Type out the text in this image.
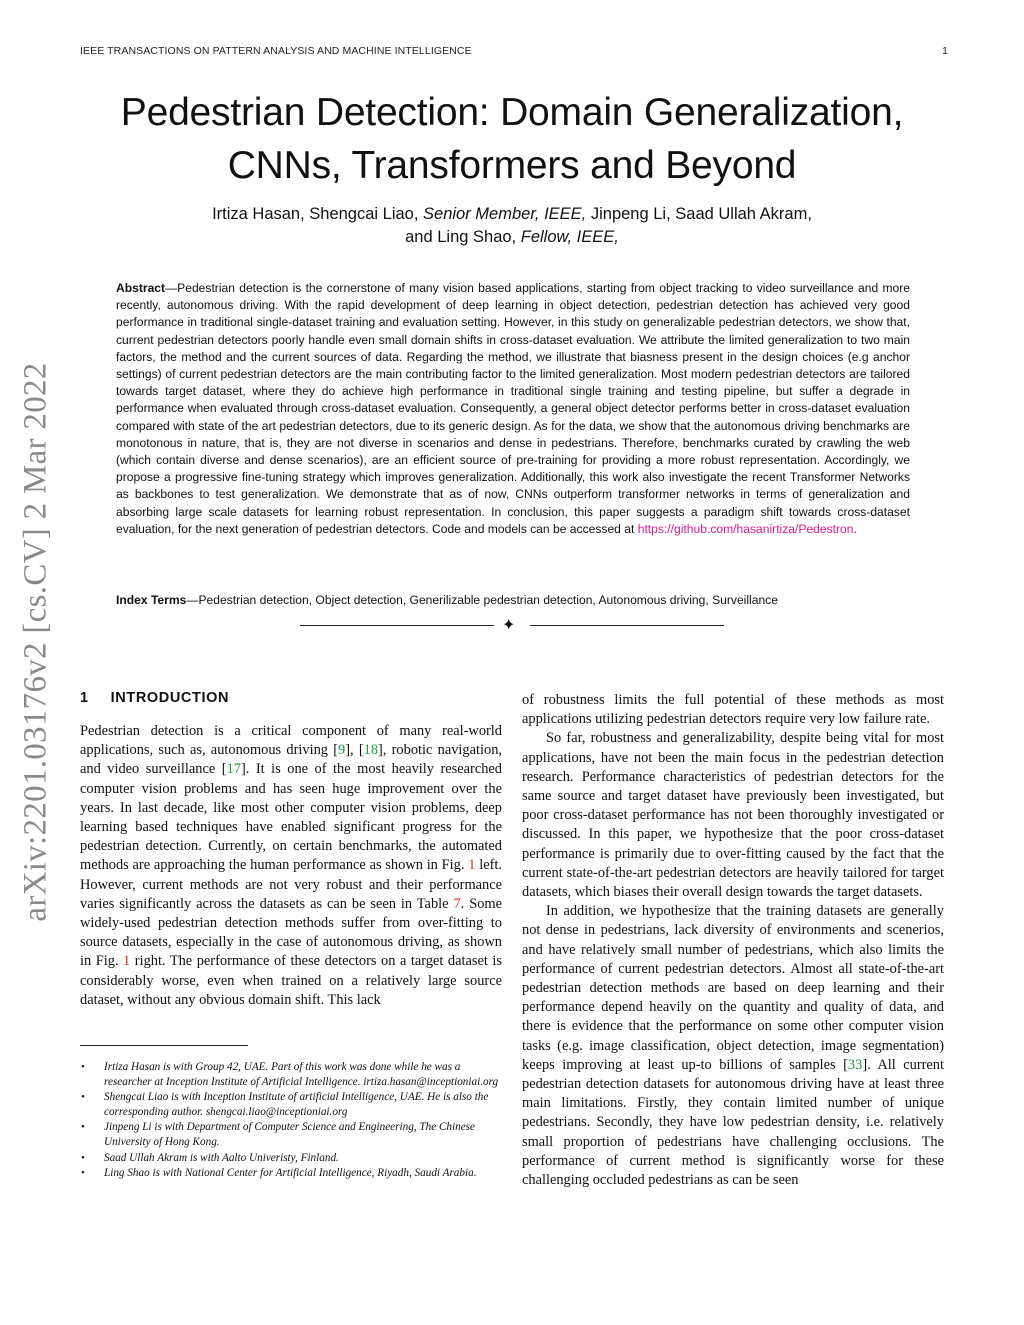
IEEE TRANSACTIONS ON PATTERN ANALYSIS AND MACHINE INTELLIGENCE	1
Pedestrian Detection: Domain Generalization,
CNNs, Transformers and Beyond
Irtiza Hasan, Shengcai Liao, Senior Member, IEEE, Jinpeng Li, Saad Ullah Akram,
and Ling Shao, Fellow, IEEE,
Abstract—Pedestrian detection is the cornerstone of many vision based applications, starting from object tracking to video surveillance and more recently, autonomous driving. With the rapid development of deep learning in object detection, pedestrian detection has achieved very good performance in traditional single-dataset training and evaluation setting. However, in this study on generalizable pedestrian detectors, we show that, current pedestrian detectors poorly handle even small domain shifts in cross-dataset evaluation. We attribute the limited generalization to two main factors, the method and the current sources of data. Regarding the method, we illustrate that biasness present in the design choices (e.g anchor settings) of current pedestrian detectors are the main contributing factor to the limited generalization. Most modern pedestrian detectors are tailored towards target dataset, where they do achieve high performance in traditional single training and testing pipeline, but suffer a degrade in performance when evaluated through cross-dataset evaluation. Consequently, a general object detector performs better in cross-dataset evaluation compared with state of the art pedestrian detectors, due to its generic design. As for the data, we show that the autonomous driving benchmarks are monotonous in nature, that is, they are not diverse in scenarios and dense in pedestrians. Therefore, benchmarks curated by crawling the web (which contain diverse and dense scenarios), are an efficient source of pre-training for providing a more robust representation. Accordingly, we propose a progressive fine-tuning strategy which improves generalization. Additionally, this work also investigate the recent Transformer Networks as backbones to test generalization. We demonstrate that as of now, CNNs outperform transformer networks in terms of generalization and absorbing large scale datasets for learning robust representation. In conclusion, this paper suggests a paradigm shift towards cross-dataset evaluation, for the next generation of pedestrian detectors. Code and models can be accessed at https://github.com/hasanirtiza/Pedestron.
Index Terms—Pedestrian detection, Object detection, Generilizable pedestrian detection, Autonomous driving, Surveillance
✦
arXiv:2201.03176v2 [cs.CV] 2 Mar 2022 1 INTRODUCTION

Pedestrian detection is a critical component of many real-world applications, such as, autonomous driving [9], [18], robotic navigation, and video surveillance [17]. It is one of the most heavily researched computer vision problems and has seen huge improvement over the years. In last decade, like most other computer vision problems, deep learning based techniques have enabled significant progress for the pedestrian detection. Currently, on certain benchmarks, the automated methods are approaching the human performance as shown in Fig. 1 left. However, current methods are not very robust and their performance varies significantly across the datasets as can be seen in Table 7. Some widely-used pedestrian detection methods suffer from over-fitting to source datasets, especially in the case of autonomous driving, as shown in Fig. 1 right. The performance of these detectors on a target dataset is considerably worse, even when trained on a relatively large source dataset, without any obvious domain shift. This lack

• Irtiza Hasan is with Group 42, UAE. Part of this work was done while he was a researcher at Inception Institute of Artificial Intelligence. irtiza.hasan@inceptioniai.org
• Shengcai Liao is with Inception Institute of artificial Intelligence, UAE. He is also the corresponding author. shengcai.liao@inceptioniai.org
• Jinpeng Li is with Department of Computer Science and Engineering, The Chinese University of Hong Kong.
• Saad Ullah Akram is with Aalto Univeristy, Finland.
• Ling Shao is with National Center for Artificial Intelligence, Riyadh, Saudi Arabia.

of robustness limits the full potential of these methods as most applications utilizing pedestrian detectors require very low failure rate.

So far, robustness and generalizability, despite being vital for most applications, have not been the main focus in the pedestrian detection research. Performance characteristics of pedestrian detectors for the same source and target dataset have previously been investigated, but poor cross-dataset performance has not been thoroughly investigated or discussed. In this paper, we hypothesize that the poor cross-dataset performance is primarily due to over-fitting caused by the fact that the current state-of-the-art pedestrian detectors are heavily tailored for target datasets, which biases their overall design towards the target datasets.

In addition, we hypothesize that the training datasets are generally not dense in pedestrians, lack diversity of environments and scenerios, and have relatively small number of pedestrians, which also limits the performance of current pedestrian detectors. Almost all state-of-the-art pedestrian detection methods are based on deep learning and their performance depend heavily on the quantity and quality of data, and there is evidence that the performance on some other computer vision tasks (e.g. image classification, object detection, image segmentation) keeps improving at least up-to billions of samples [33]. All current pedestrian detection datasets for autonomous driving have at least three main limitations. Firstly, they contain limited number of unique pedestrians. Secondly, they have low pedestrian density, i.e. relatively small proportion of pedestrians have challenging occlusions. The performance of current method is significantly worse for these challenging occluded pedestrians as can be seen
